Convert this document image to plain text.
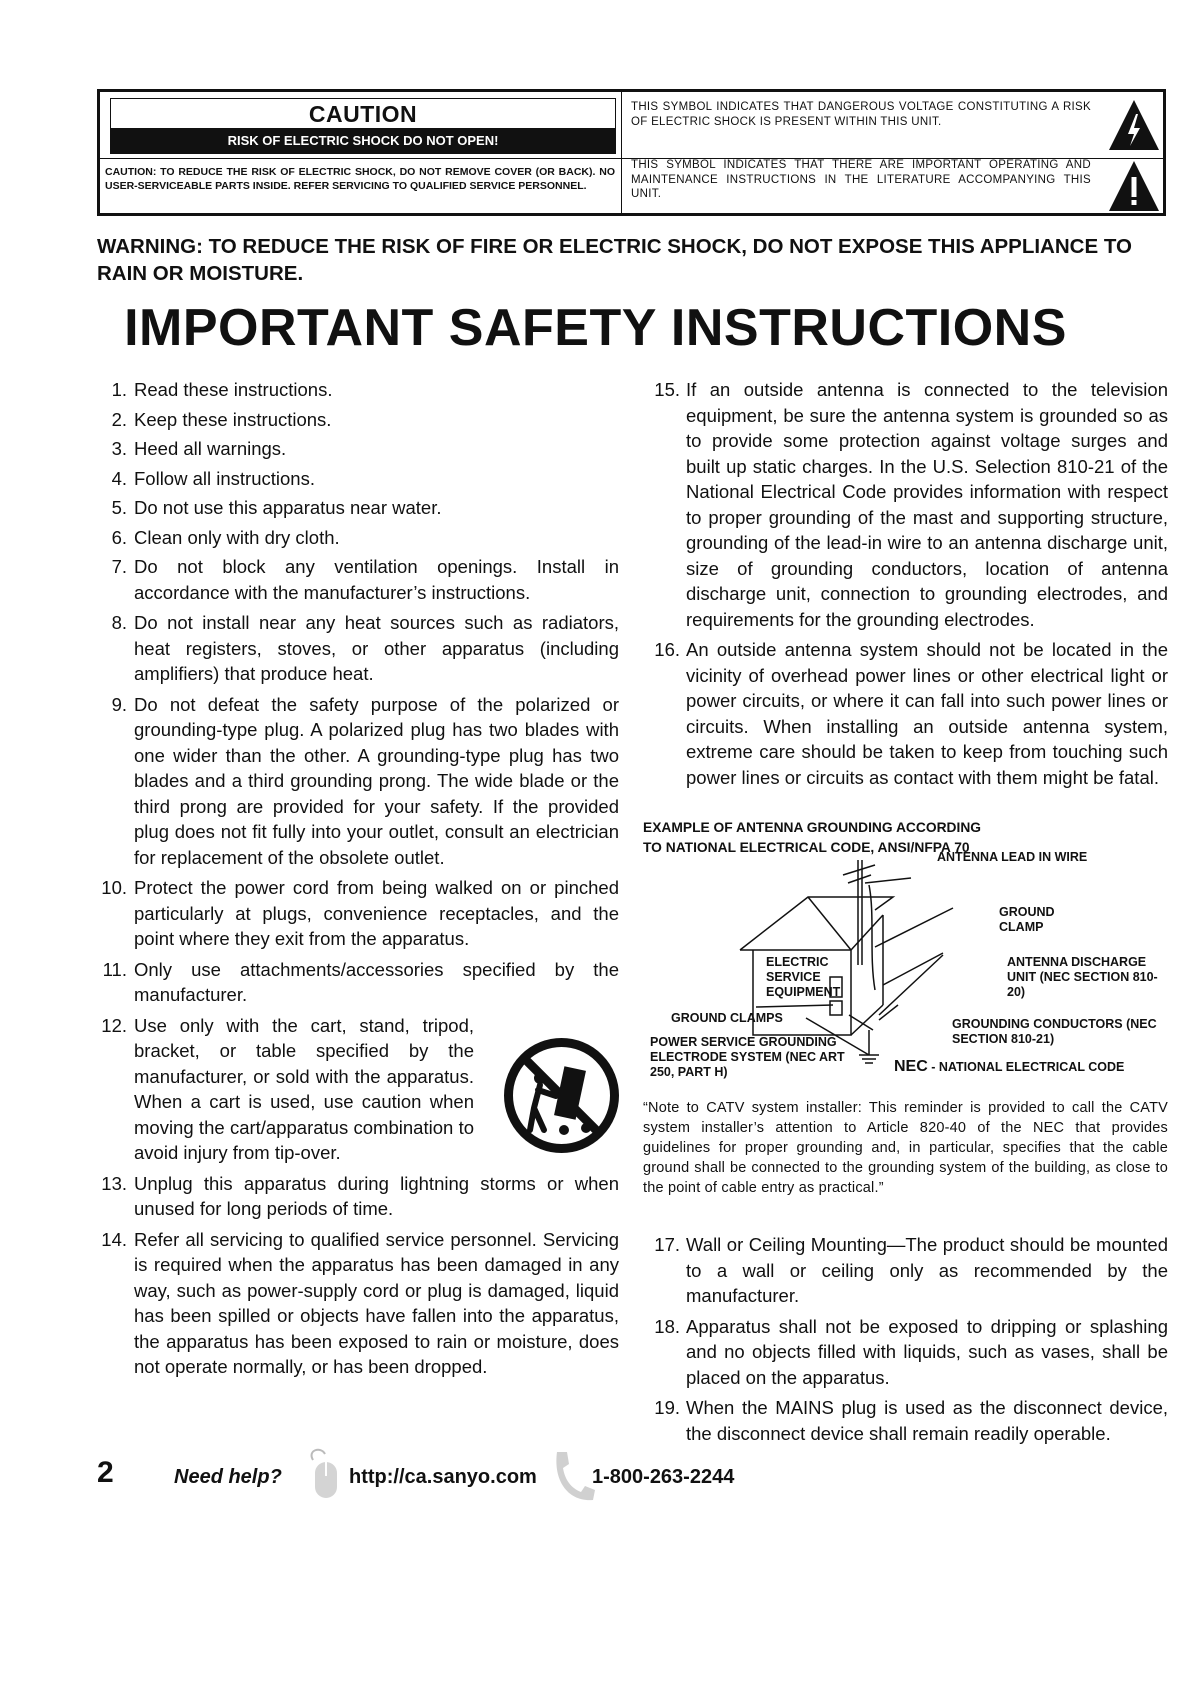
CAUTION
RISK OF ELECTRIC SHOCK DO NOT OPEN!
CAUTION: TO REDUCE THE RISK OF ELECTRIC SHOCK, DO NOT REMOVE COVER (OR BACK). NO USER-SERVICEABLE PARTS INSIDE. REFER SERVICING TO QUALIFIED SERVICE PERSONNEL.
THIS SYMBOL INDICATES THAT DANGEROUS VOLTAGE CONSTITUTING A RISK OF ELECTRIC SHOCK IS PRESENT WITHIN THIS UNIT.
THIS SYMBOL INDICATES THAT THERE ARE IMPORTANT OPERATING AND MAINTENANCE INSTRUCTIONS IN THE LITERATURE ACCOMPANYING THIS UNIT.
WARNING: TO REDUCE THE RISK OF FIRE OR ELECTRIC SHOCK, DO NOT EXPOSE THIS APPLIANCE TO RAIN OR MOISTURE.
IMPORTANT SAFETY INSTRUCTIONS
1. Read these instructions.
2. Keep these instructions.
3. Heed all warnings.
4. Follow all instructions.
5. Do not use this apparatus near water.
6. Clean only with dry cloth.
7. Do not block any ventilation openings. Install in accordance with the manufacturer’s instructions.
8. Do not install near any heat sources such as radiators, heat registers, stoves, or other apparatus (including amplifiers) that produce heat.
9. Do not defeat the safety purpose of the polarized or grounding-type plug. A polarized plug has two blades with one wider than the other. A grounding-type plug has two blades and a third grounding prong. The wide blade or the third prong are provided for your safety. If the provided plug does not fit fully into your outlet, consult an electrician for replacement of the obsolete outlet.
10. Protect the power cord from being walked on or pinched particularly at plugs, convenience receptacles, and the point where they exit from the apparatus.
11. Only use attachments/accessories specified by the manufacturer.
12. Use only with the cart, stand, tripod, bracket, or table specified by the manufacturer, or sold with the apparatus. When a cart is used, use caution when moving the cart/apparatus combination to avoid injury from tip-over.
13. Unplug this apparatus during lightning storms or when unused for long periods of time.
14. Refer all servicing to qualified service personnel. Servicing is required when the apparatus has been damaged in any way, such as power-supply cord or plug is damaged, liquid has been spilled or objects have fallen into the apparatus, the apparatus has been exposed to rain or moisture, does not operate normally, or has been dropped.
15. If an outside antenna is connected to the television equipment, be sure the antenna system is grounded so as to provide some protection against voltage surges and built up static charges. In the U.S. Selection 810-21 of the National Electrical Code provides information with respect to proper grounding of the mast and supporting structure, grounding of the lead-in wire to an antenna discharge unit, size of grounding conductors, location of antenna discharge unit, connection to grounding electrodes, and requirements for the grounding electrodes.
16. An outside antenna system should not be located in the vicinity of overhead power lines or other electrical light or power circuits, or where it can fall into such power lines or circuits. When installing an outside antenna system, extreme care should be taken to keep from touching such power lines or circuits as contact with them might be fatal.
EXAMPLE OF ANTENNA GROUNDING ACCORDING
TO NATIONAL ELECTRICAL CODE, ANSI/NFPA 70
ANTENNA LEAD IN WIRE
GROUND CLAMP
ELECTRIC SERVICE EQUIPMENT
ANTENNA DISCHARGE UNIT (NEC SECTION 810-20)
GROUND CLAMPS	GROUNDING CONDUCTORS (NEC SECTION 810-21)
POWER SERVICE GROUNDING ELECTRODE SYSTEM (NEC ART 250, PART H)	NEC - NATIONAL ELECTRICAL CODE
“Note to CATV system installer: This reminder is provided to call the CATV system installer’s attention to Article 820-40 of the NEC that provides guidelines for proper grounding and, in particular, specifies that the cable ground shall be connected to the grounding system of the building, as close to the point of cable entry as practical.”
17. Wall or Ceiling Mounting—The product should be mounted to a wall or ceiling only as recommended by the manufacturer.
18. Apparatus shall not be exposed to dripping or splashing and no objects filled with liquids, such as vases, shall be placed on the apparatus.
19. When the MAINS plug is used as the disconnect device, the disconnect device shall remain readily operable.
2	Need help?	http://ca.sanyo.com	1-800-263-2244
